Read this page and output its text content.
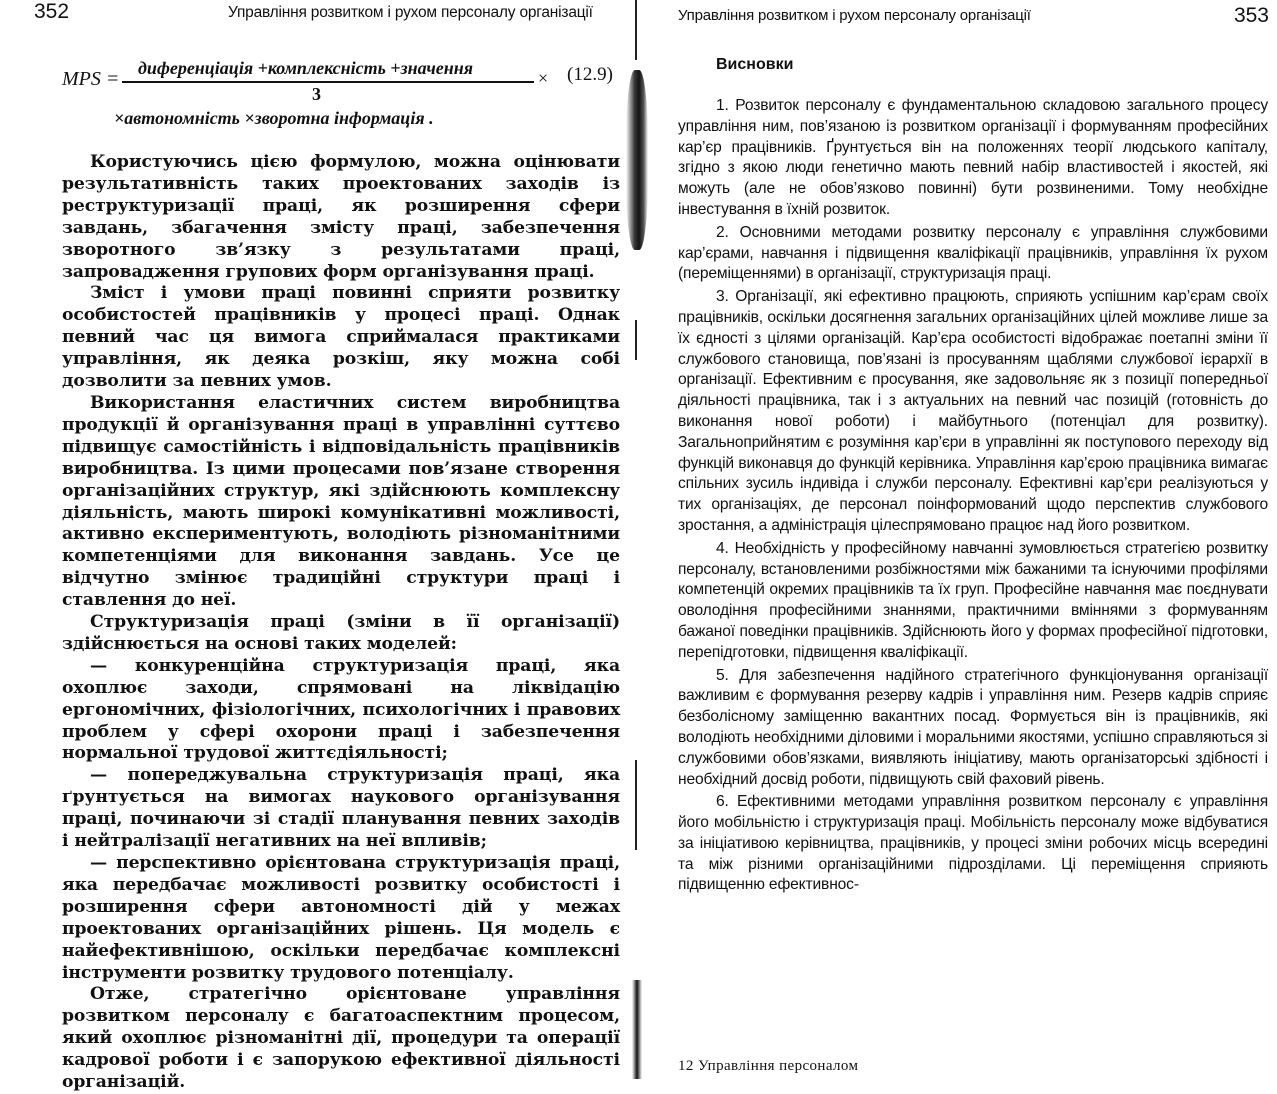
352	Управління розвитком і рухом персоналу організації
MPS = диференціація +комплексність +значення
3
× (12.9)
×автономність ×зворотна інформація .

Користуючись цією формулою, можна оцінювати результативність таких проектованих заходів із реструктуризації праці, як розширення сфери завдань, збагачення змісту праці, забезпечення зворотного зв’язку з результатами праці, запровадження групових форм організування праці.

Зміст і умови праці повинні сприяти розвитку особистостей працівників у процесі праці. Однак певний час ця вимога сприймалася практиками управління, як деяка розкіш, яку можна собі дозволити за певних умов.

Використання еластичних систем виробництва продукції й організування праці в управлінні суттєво підвищує самостійність і відповідальність працівників виробництва. Із цими процесами пов’язане створення організаційних структур, які здійснюють комплексну діяльність, мають широкі комунікативні можливості, активно експериментують, володіють різноманітними компетенціями для виконання завдань. Усе це відчутно змінює традиційні структури праці і ставлення до неї.

Структуризація праці (зміни в її організації) здійснюється на основі таких моделей:

— конкуренційна структуризація праці, яка охоплює заходи, спрямовані на ліквідацію ергономічних, фізіологічних, психологічних і правових проблем у сфері охорони праці і забезпечення нормальної трудової життєдіяльності;

— попереджувальна структуризація праці, яка ґрунтується на вимогах наукового організування праці, починаючи зі стадії планування певних заходів і нейтралізації негативних на неї впливів;

— перспективно орієнтована структуризація праці, яка передбачає можливості розвитку особистості і розширення сфери автономності дій у межах проектованих організаційних рішень. Ця модель є найефективнішою, оскільки передбачає комплексні інструменти розвитку трудового потенціалу.

Отже, стратегічно орієнтоване управління розвитком персоналу є багатоаспектним процесом, який охоплює різноманітні дії, процедури та операції кадрової роботи і є запорукою ефективної діяльності організацій.

Управління розвитком і рухом персоналу організації	353
Висновки

1. Розвиток персоналу є фундаментальною складовою загального процесу управління ним, пов’язаною із розвитком організації і формуванням професійних кар’єр працівників. Ґрунтується він на положеннях теорії людського капіталу, згідно з якою люди генетично мають певний набір властивостей і якостей, які можуть (але не обов’язково повинні) бути розвиненими. Тому необхідне інвестування в їхній розвиток.

2. Основними методами розвитку персоналу є управління службовими кар’єрами, навчання і підвищення кваліфікації працівників, управління їх рухом (переміщеннями) в організації, структуризація праці.

3. Організації, які ефективно працюють, сприяють успішним кар’єрам своїх працівників, оскільки досягнення загальних організаційних цілей можливе лише за їх єдності з цілями організацій. Кар’єра особистості відображає поетапні зміни її службового становища, пов’язані із просуванням щаблями службової ієрархії в організації. Ефективним є просування, яке задовольняє як з позиції попередньої діяльності працівника, так і з актуальних на певний час позицій (готовність до виконання нової роботи) і майбутнього (потенціал для розвитку). Загальноприйнятим є розуміння кар’єри в управлінні як поступового переходу від функцій виконавця до функцій керівника. Управління кар’єрою працівника вимагає спільних зусиль індивіда і служби персоналу. Ефективні кар’єри реалізуються у тих організаціях, де персонал поінформований щодо перспектив службового зростання, а адміністрація цілеспрямовано працює над його розвитком.

4. Необхідність у професійному навчанні зумовлюється стратегією розвитку персоналу, встановленими розбіжностями між бажаними та існуючими профілями компетенцій окремих працівників та їх груп. Професійне навчання має поєднувати оволодіння професійними знаннями, практичними вміннями з формуванням бажаної поведінки працівників. Здійснюють його у формах професійної підготовки, перепідготовки, підвищення кваліфікації.

5. Для забезпечення надійного стратегічного функціонування організації важливим є формування резерву кадрів і управління ним. Резерв кадрів сприяє безболісному заміщенню вакантних посад. Формується він із працівників, які володіють необхідними діловими і моральними якостями, успішно справляються зі службовими обов’язками, виявляють ініціативу, мають організаторські здібності і необхідний досвід роботи, підвищують свій фаховий рівень.

6. Ефективними методами управління розвитком персоналу є управління його мобільністю і структуризація праці. Мобільність персоналу може відбуватися за ініціативою керівництва, працівників, у процесі зміни робочих місць всередині та між різними організаційними підрозділами. Ці переміщення сприяють підвищенню ефективнос-

12 Управління персоналом
